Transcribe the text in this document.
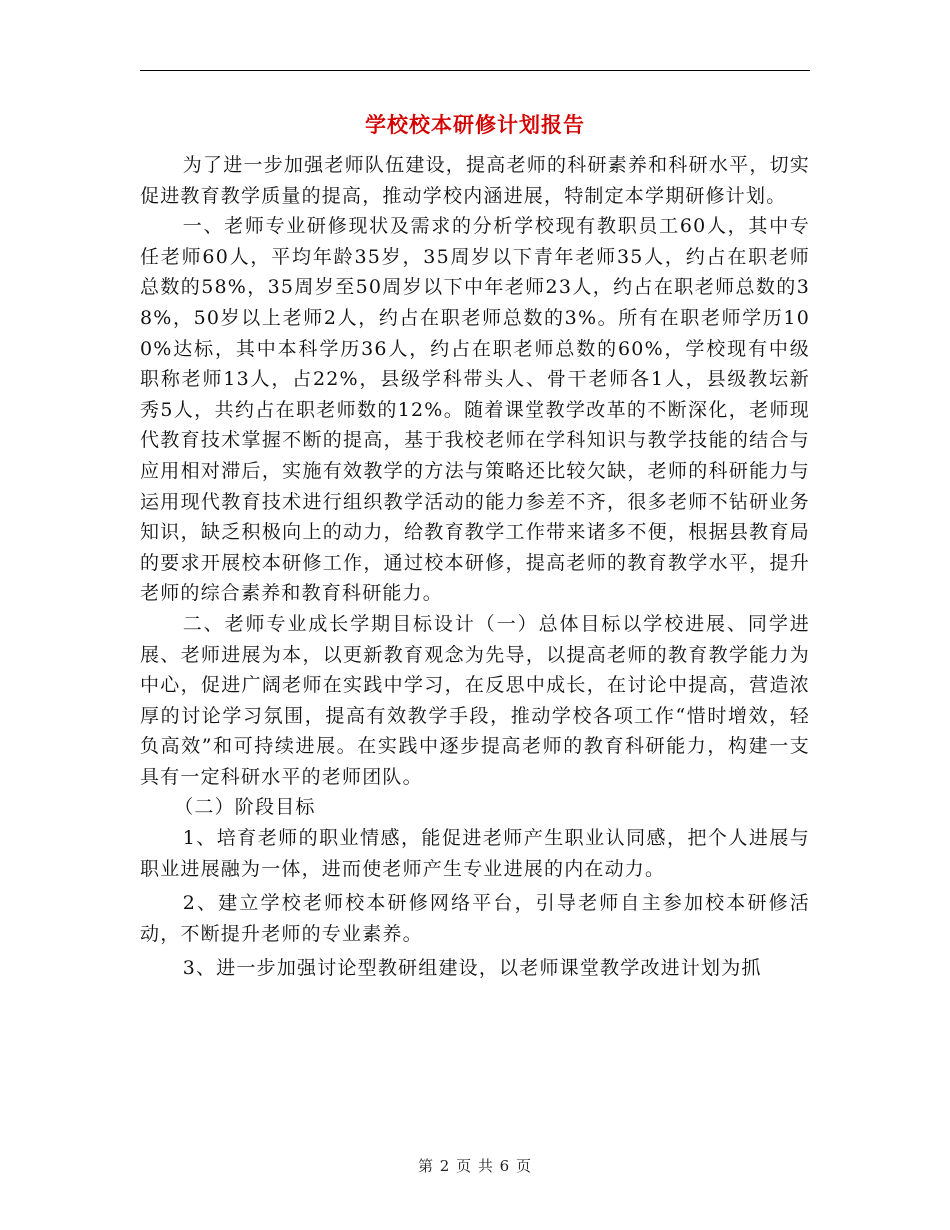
学校校本研修计划报告

为了进一步加强老师队伍建设，提高老师的科研素养和科研水平，切实促进教育教学质量的提高，推动学校内涵进展，特制定本学期研修计划。

一、老师专业研修现状及需求的分析学校现有教职员工60人，其中专任老师60人，平均年龄35岁，35周岁以下青年老师35人，约占在职老师总数的58%，35周岁至50周岁以下中年老师23人，约占在职老师总数的38%，50岁以上老师2人，约占在职老师总数的3%。所有在职老师学历100%达标，其中本科学历36人，约占在职老师总数的60%，学校现有中级职称老师13人，占22%，县级学科带头人、骨干老师各1人，县级教坛新秀5人，共约占在职老师数的12%。随着课堂教学改革的不断深化，老师现代教育技术掌握不断的提高，基于我校老师在学科知识与教学技能的结合与应用相对滞后，实施有效教学的方法与策略还比较欠缺，老师的科研能力与运用现代教育技术进行组织教学活动的能力参差不齐，很多老师不钻研业务知识，缺乏积极向上的动力，给教育教学工作带来诸多不便，根据县教育局的要求开展校本研修工作，通过校本研修，提高老师的教育教学水平，提升老师的综合素养和教育科研能力。

二、老师专业成长学期目标设计（一）总体目标以学校进展、同学进展、老师进展为本，以更新教育观念为先导，以提高老师的教育教学能力为中心，促进广阔老师在实践中学习，在反思中成长，在讨论中提高，营造浓厚的讨论学习氛围，提高有效教学手段，推动学校各项工作“惜时增效，轻负高效”和可持续进展。在实践中逐步提高老师的教育科研能力，构建一支具有一定科研水平的老师团队。

（二）阶段目标

1、培育老师的职业情感，能促进老师产生职业认同感，把个人进展与职业进展融为一体，进而使老师产生专业进展的内在动力。

2、建立学校老师校本研修网络平台，引导老师自主参加校本研修活动，不断提升老师的专业素养。

3、进一步加强讨论型教研组建设，以老师课堂教学改进计划为抓

第 2 页 共 6 页
